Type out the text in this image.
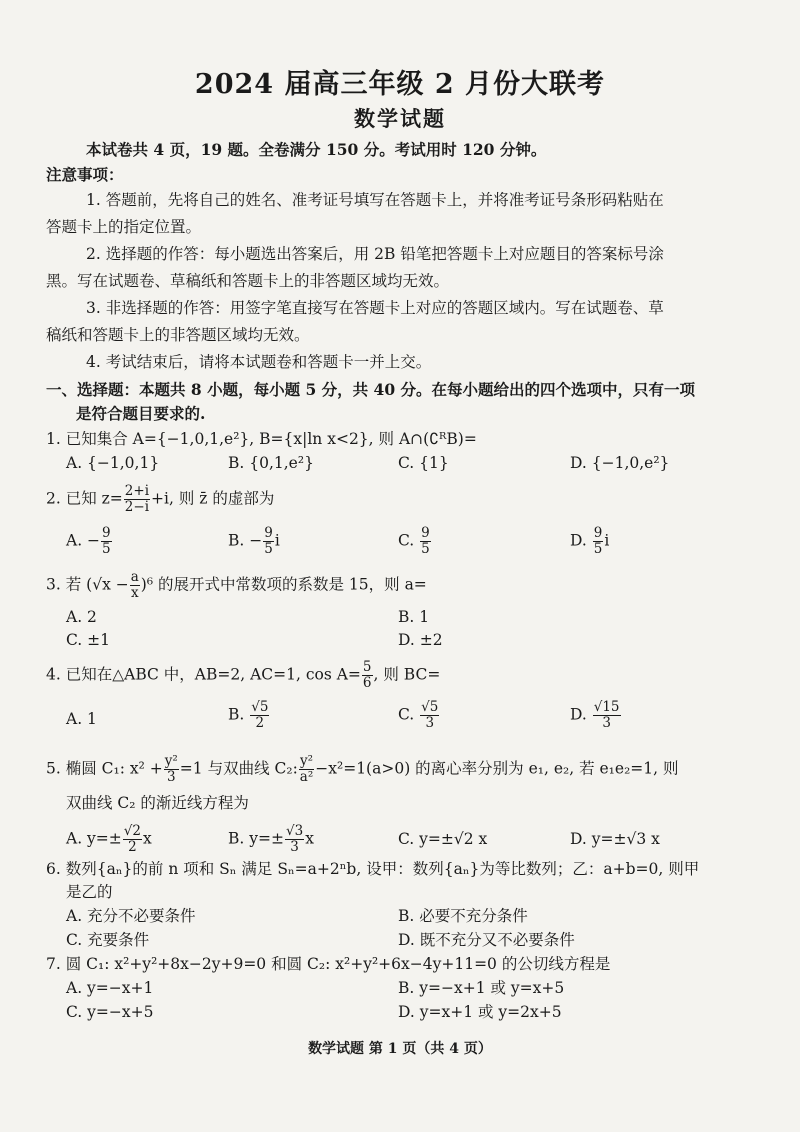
2024 届高三年级 2 月份大联考
数学试题
本试卷共 4 页，19 题。全卷满分 150 分。考试用时 120 分钟。
注意事项：
1. 答题前，先将自己的姓名、准考证号填写在答题卡上，并将准考证号条形码粘贴在
答题卡上的指定位置。
2. 选择题的作答：每小题选出答案后，用 2B 铅笔把答题卡上对应题目的答案标号涂
黑。写在试题卷、草稿纸和答题卡上的非答题区域均无效。
3. 非选择题的作答：用签字笔直接写在答题卡上对应的答题区域内。写在试题卷、草
稿纸和答题卡上的非答题区域均无效。
4. 考试结束后，请将本试题卷和答题卡一并上交。
一、选择题：本题共 8 小题，每小题 5 分，共 40 分。在每小题给出的四个选项中，只有一项
是符合题目要求的.
1. 已知集合 A={−1,0,1,e²}, B={x|ln x<2}, 则 A∩(∁ᴿB)=
A. {−1,0,1}	B. {0,1,e²}	C. {1}	D. {−1,0,e²}
2. 已知 $z= \frac{2+i}{2-i} +i$, 则 z̄ 的虚部为
A. − $\frac{9}{5}$	B. − $\frac{9}{5}$ i	C. $\frac{9}{5}$	D. $\frac{9}{5}$ i
3. 若 $(√x - \frac{a}{x} )^6$ 的展开式中常数项的系数是 15，则 a=
A. 2	B. 1
C. ±1	D. ±2
4. 已知在△ABC 中，AB=2, AC=1, $\cos A= \frac{5}{6}$ , 则 BC=
A. 1	B. $\frac{√5}{2}$	C. $\frac{√5}{3}$	D. $\frac{√15}{3}$
5. 椭圆 C₁: $x^2 + \frac{\text{y²}}{3} =1$ 与双曲线 C₂: $\frac{\text{y²}}{\text{a²}} -x^2=1(a>0)$ 的离心率分别为 e₁, e₂, 若 e₁e₂=1, 则
双曲线 C₂ 的渐近线方程为
A. $y=\pm \frac{√2}{2}$ x	B. $y=\pm \frac{√3}{3}$ x	C. y=±√2 x	D. y=±√3 x
6. 数列{aₙ}的前 n 项和 Sₙ 满足 Sₙ=a+2ⁿb, 设甲：数列{aₙ}为等比数列；乙：a+b=0, 则甲
是乙的
A. 充分不必要条件	B. 必要不充分条件
C. 充要条件	D. 既不充分又不必要条件
7. 圆 C₁: x²+y²+8x−2y+9=0 和圆 C₂: x²+y²+6x−4y+11=0 的公切线方程是
A. y=−x+1	B. y=−x+1 或 y=x+5
C. y=−x+5	D. y=x+1 或 y=2x+5
数学试题 第 1 页（共 4 页）
